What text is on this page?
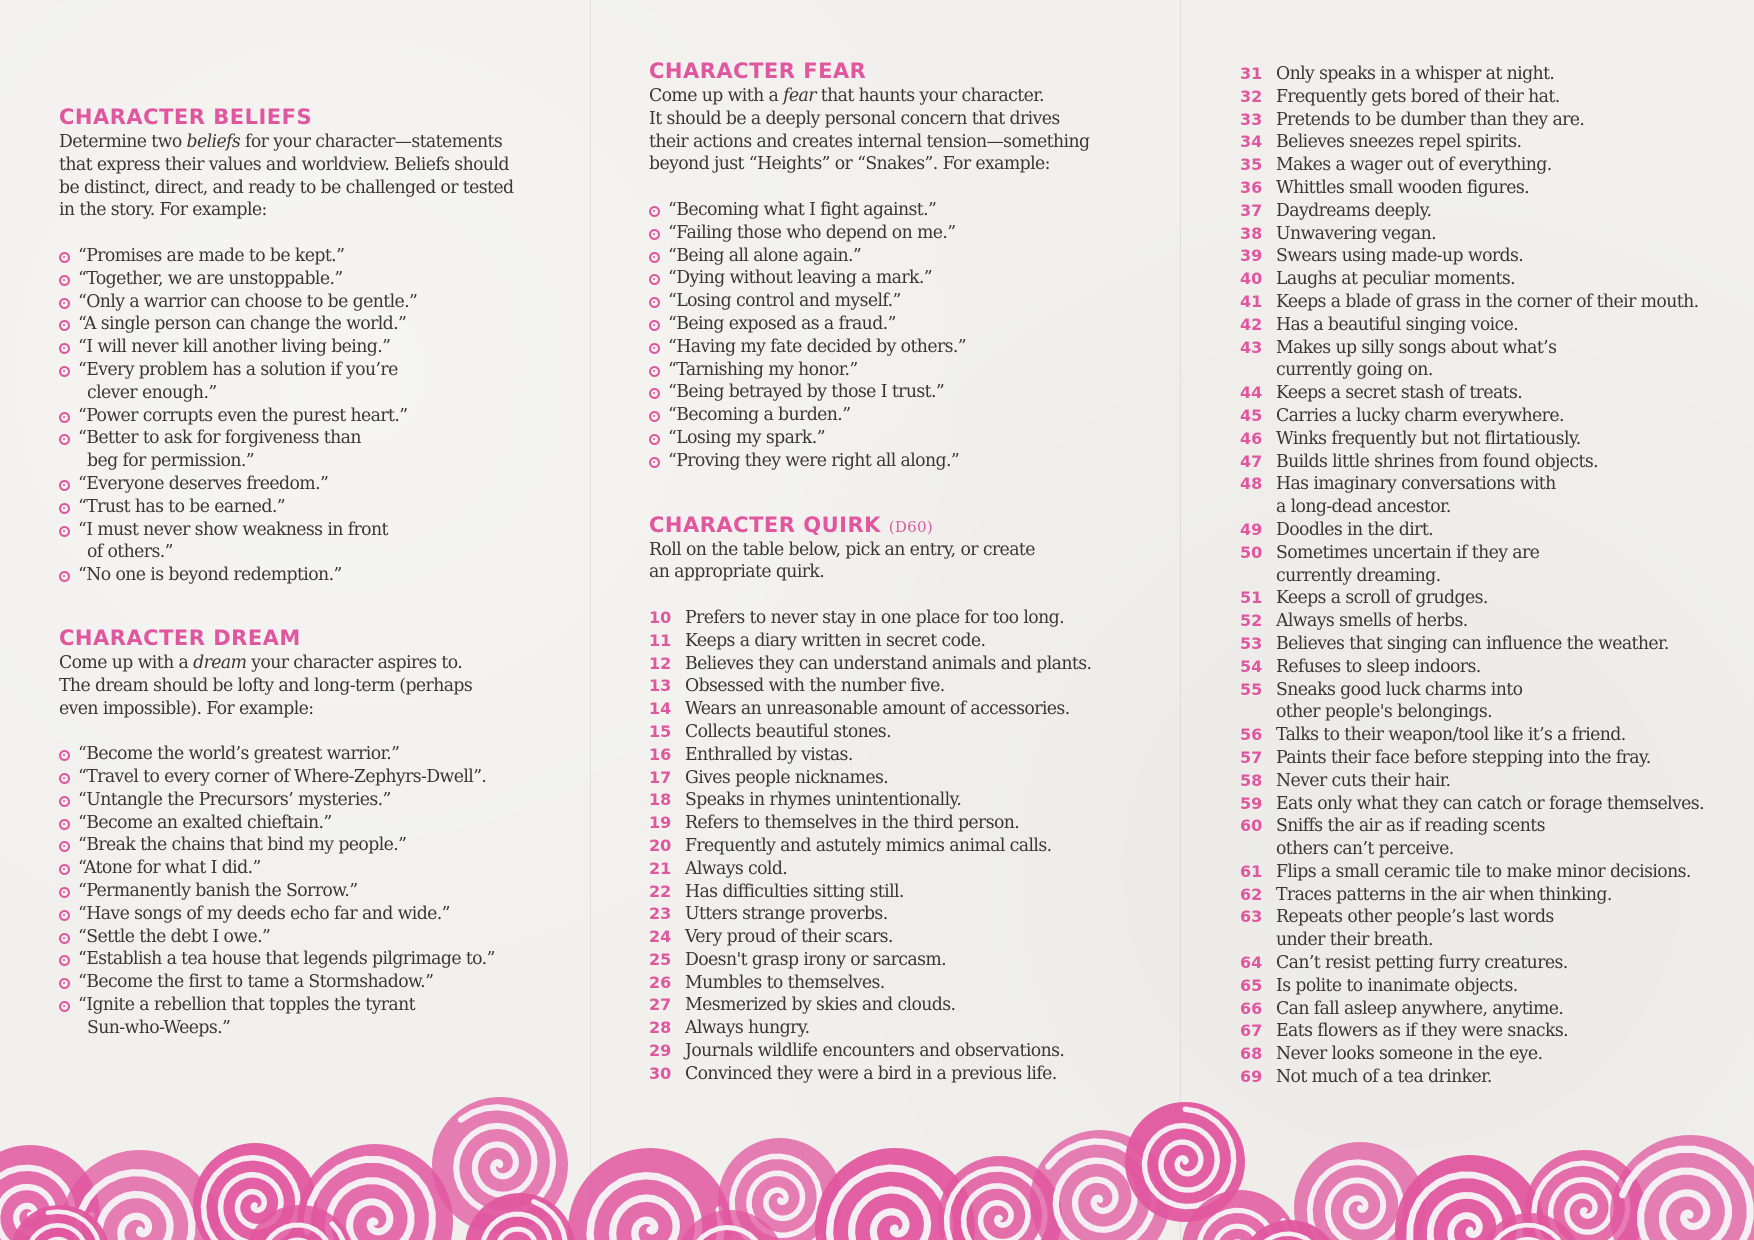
CHARACTER BELIEFS
Determine two beliefs for your character—statements
that express their values and worldview. Beliefs should
be distinct, direct, and ready to be challenged or tested
in the story. For example:
“Promises are made to be kept.”
“Together, we are unstoppable.”
“Only a warrior can choose to be gentle.”
“A single person can change the world.”
“I will never kill another living being.”
“Every problem has a solution if you’re
clever enough.”
“Power corrupts even the purest heart.”
“Better to ask for forgiveness than
beg for permission.”
“Everyone deserves freedom.”
“Trust has to be earned.”
“I must never show weakness in front
of others.”
“No one is beyond redemption.”
CHARACTER DREAM
Come up with a dream your character aspires to.
The dream should be lofty and long-term (perhaps
even impossible). For example:
“Become the world’s greatest warrior.”
“Travel to every corner of Where-Zephyrs-Dwell”.
“Untangle the Precursors’ mysteries.”
“Become an exalted chieftain.”
“Break the chains that bind my people.”
“Atone for what I did.”
“Permanently banish the Sorrow.”
“Have songs of my deeds echo far and wide.”
“Settle the debt I owe.”
“Establish a tea house that legends pilgrimage to.”
“Become the first to tame a Stormshadow.”
“Ignite a rebellion that topples the tyrant
Sun-who-Weeps.”
CHARACTER FEAR
Come up with a fear that haunts your character.
It should be a deeply personal concern that drives
their actions and creates internal tension—something
beyond just “Heights” or “Snakes”. For example:
“Becoming what I fight against.”
“Failing those who depend on me.”
“Being all alone again.”
“Dying without leaving a mark.”
“Losing control and myself.”
“Being exposed as a fraud.”
“Having my fate decided by others.”
“Tarnishing my honor.”
“Being betrayed by those I trust.”
“Becoming a burden.”
“Losing my spark.”
“Proving they were right all along.”
CHARACTER QUIRK (D60)
Roll on the table below, pick an entry, or create
an appropriate quirk.
10 Prefers to never stay in one place for too long.
11 Keeps a diary written in secret code.
12 Believes they can understand animals and plants.
13 Obsessed with the number five.
14 Wears an unreasonable amount of accessories.
15 Collects beautiful stones.
16 Enthralled by vistas.
17 Gives people nicknames.
18 Speaks in rhymes unintentionally.
19 Refers to themselves in the third person.
20 Frequently and astutely mimics animal calls.
21 Always cold.
22 Has difficulties sitting still.
23 Utters strange proverbs.
24 Very proud of their scars.
25 Doesn't grasp irony or sarcasm.
26 Mumbles to themselves.
27 Mesmerized by skies and clouds.
28 Always hungry.
29 Journals wildlife encounters and observations.
30 Convinced they were a bird in a previous life.
31 Only speaks in a whisper at night.
32 Frequently gets bored of their hat.
33 Pretends to be dumber than they are.
34 Believes sneezes repel spirits.
35 Makes a wager out of everything.
36 Whittles small wooden figures.
37 Daydreams deeply.
38 Unwavering vegan.
39 Swears using made-up words.
40 Laughs at peculiar moments.
41 Keeps a blade of grass in the corner of their mouth.
42 Has a beautiful singing voice.
43 Makes up silly songs about what’s
currently going on.
44 Keeps a secret stash of treats.
45 Carries a lucky charm everywhere.
46 Winks frequently but not flirtatiously.
47 Builds little shrines from found objects.
48 Has imaginary conversations with
a long-dead ancestor.
49 Doodles in the dirt.
50 Sometimes uncertain if they are
currently dreaming.
51 Keeps a scroll of grudges.
52 Always smells of herbs.
53 Believes that singing can influence the weather.
54 Refuses to sleep indoors.
55 Sneaks good luck charms into
other people's belongings.
56 Talks to their weapon/tool like it’s a friend.
57 Paints their face before stepping into the fray.
58 Never cuts their hair.
59 Eats only what they can catch or forage themselves.
60 Sniffs the air as if reading scents
others can’t perceive.
61 Flips a small ceramic tile to make minor decisions.
62 Traces patterns in the air when thinking.
63 Repeats other people’s last words
under their breath.
64 Can’t resist petting furry creatures.
65 Is polite to inanimate objects.
66 Can fall asleep anywhere, anytime.
67 Eats flowers as if they were snacks.
68 Never looks someone in the eye.
69 Not much of a tea drinker.
